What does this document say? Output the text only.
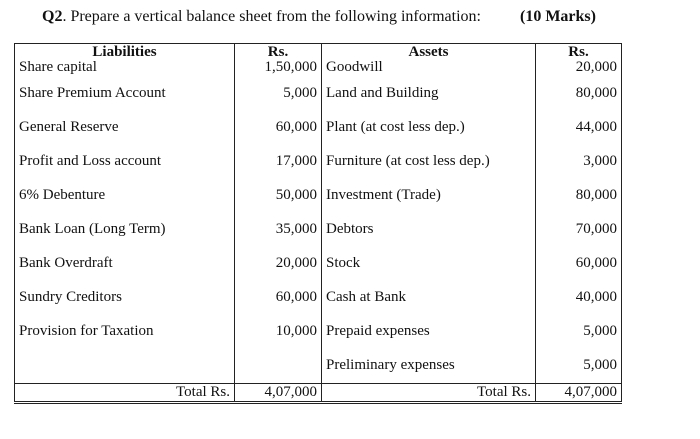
Q2. Prepare a vertical balance sheet from the following information: (10 Marks)
Liabilities	Rs.	Assets	Rs.
Share capital	1,50,000	Goodwill	20,000
Share Premium Account	5,000	Land and Building	80,000
General Reserve	60,000	Plant (at cost less dep.)	44,000
Profit and Loss account	17,000	Furniture (at cost less dep.)	3,000
6% Debenture	50,000	Investment (Trade)	80,000
Bank Loan (Long Term)	35,000	Debtors	70,000
Bank Overdraft	20,000	Stock	60,000
Sundry Creditors	60,000	Cash at Bank	40,000
Provision for Taxation	10,000	Prepaid expenses	5,000
		Preliminary expenses	5,000
Total Rs.	4,07,000	Total Rs.	4,07,000
